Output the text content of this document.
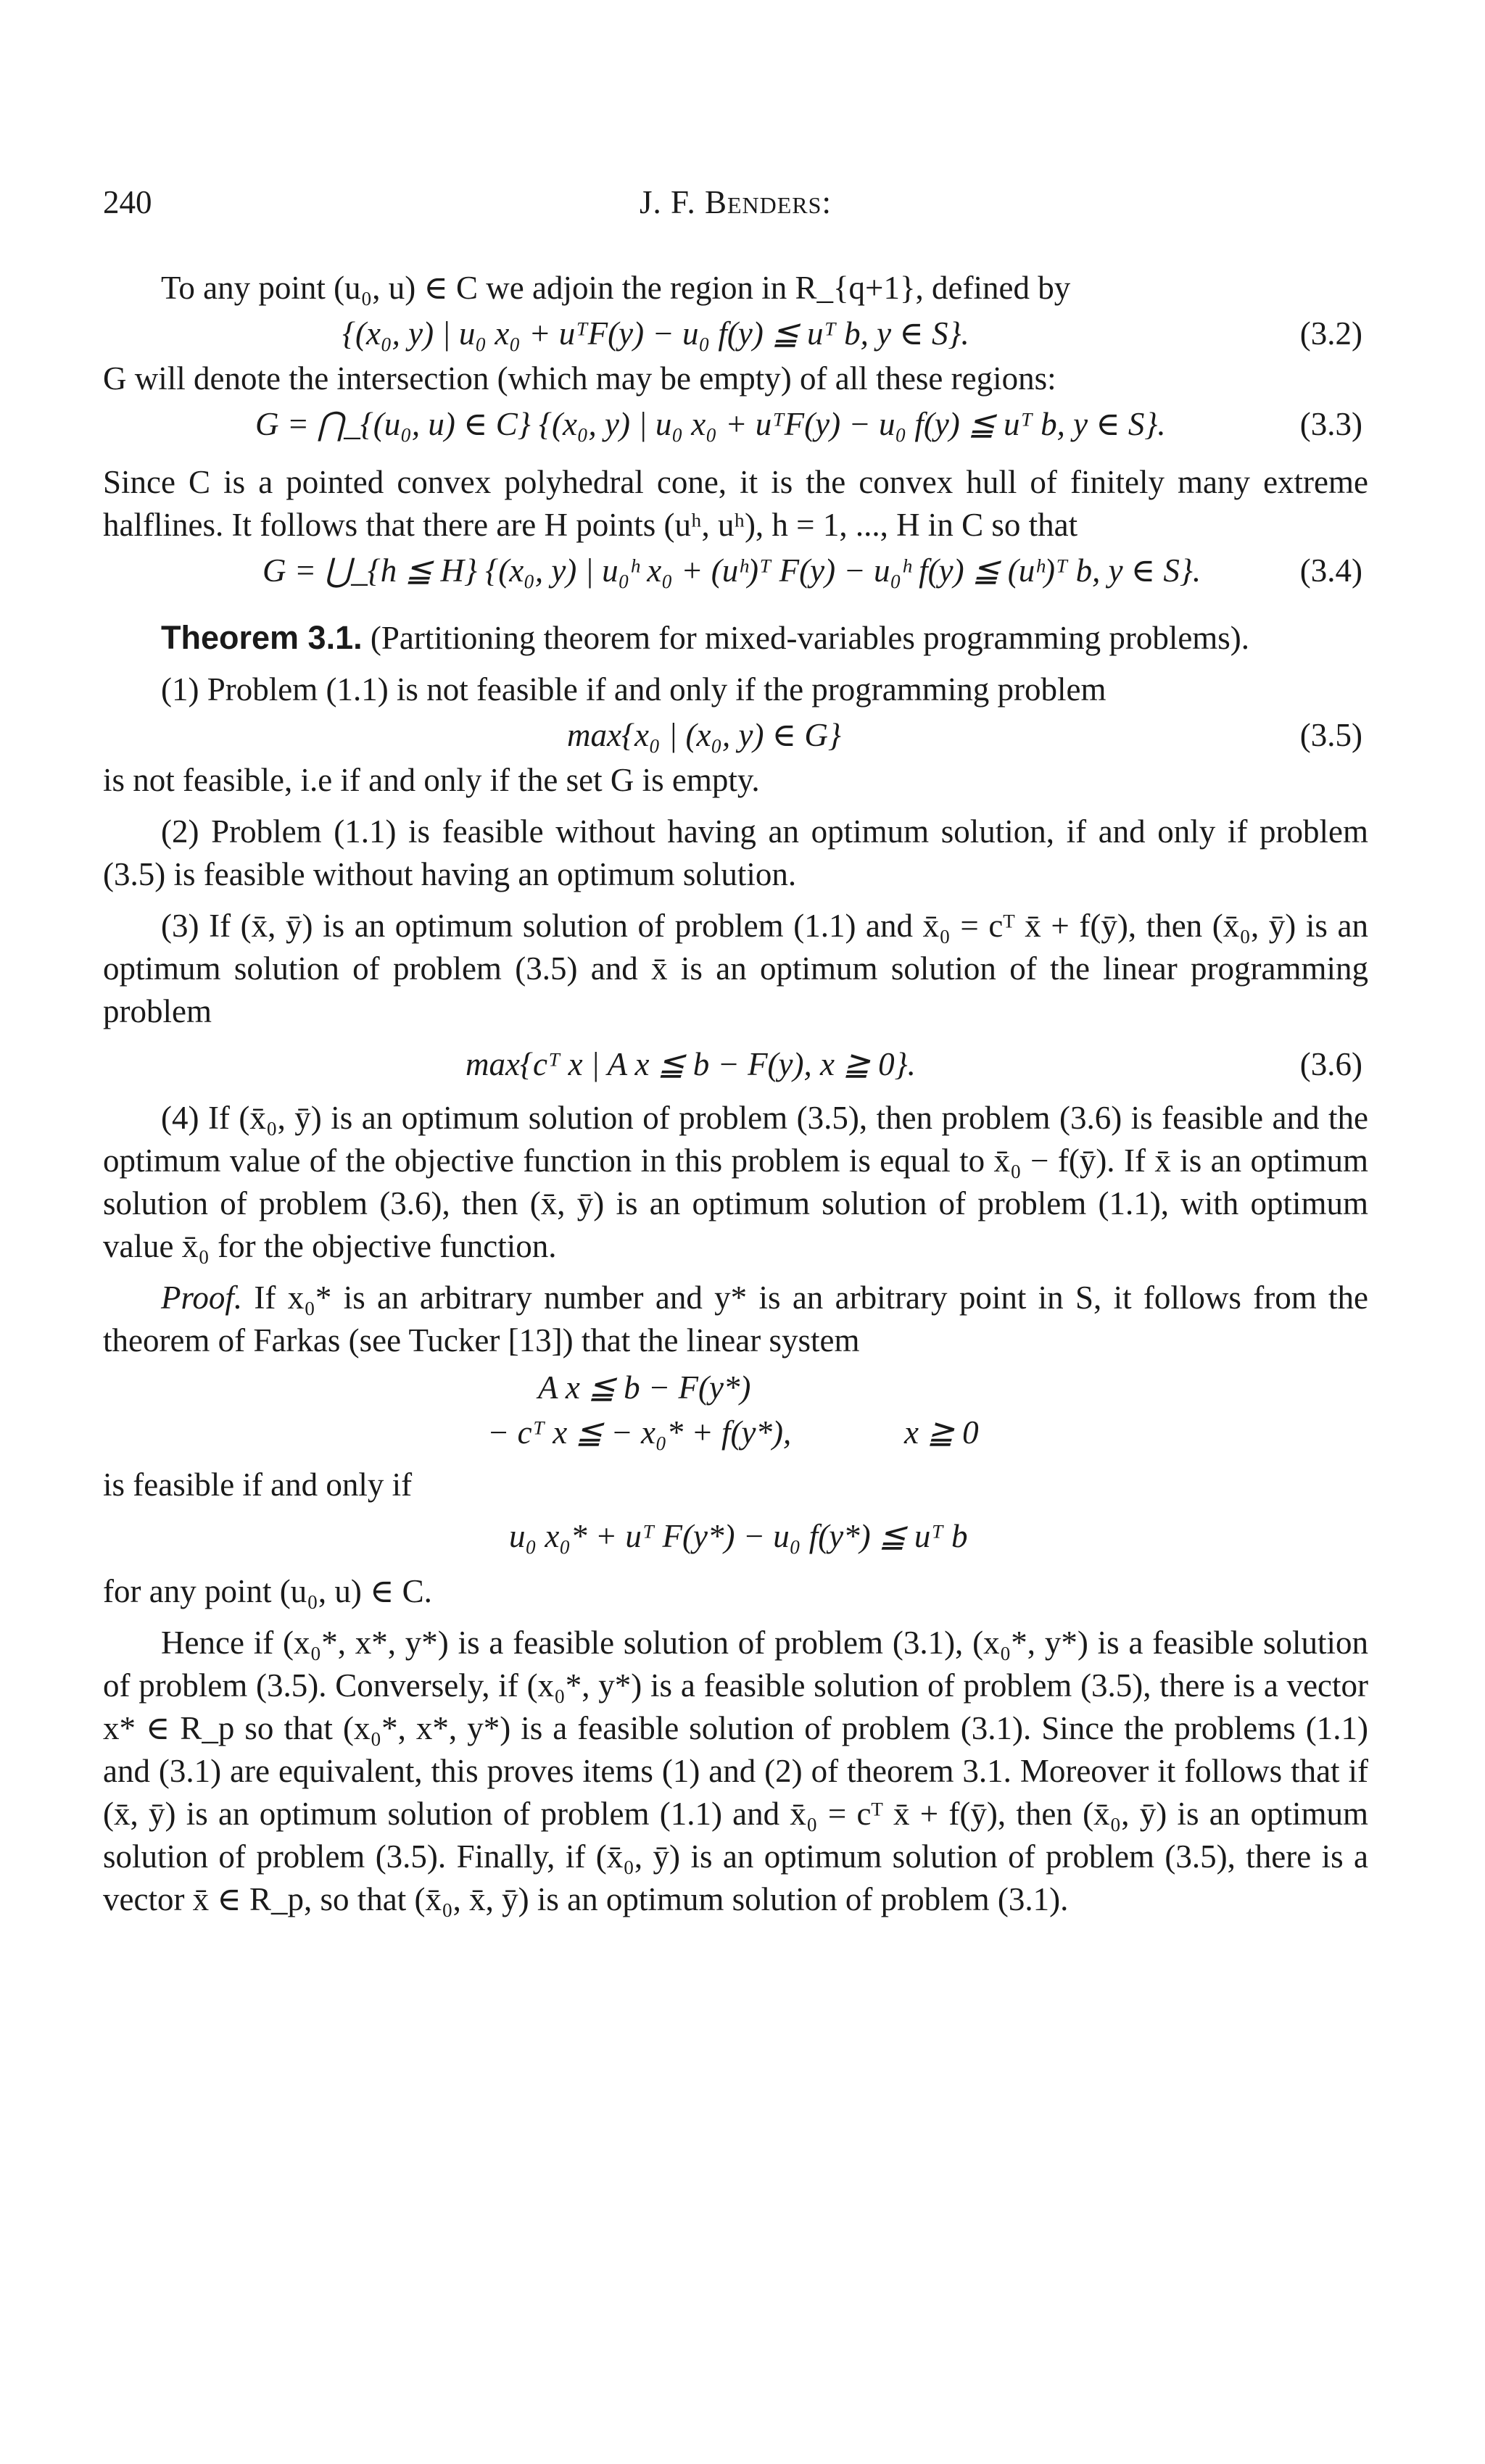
240	J. F. Benders:

To any point (u₀, u) ∈ C we adjoin the region in R_{q+1}, defined by

{(x₀, y) | u₀ x₀ + uᵀF(y) − u₀ f(y) ≦ uᵀ b, y ∈ S}.	(3.2)

G will denote the intersection (which may be empty) of all these regions:

G = ⋂_{(u₀, u) ∈ C} {(x₀, y) | u₀ x₀ + uᵀF(y) − u₀ f(y) ≦ uᵀ b, y ∈ S}.	(3.3)

Since C is a pointed convex polyhedral cone, it is the convex hull of finitely many extreme halflines. It follows that there are H points (uʰ, uʰ), h = 1, ..., H in C so that

G = ⋃_{h ≦ H} {(x₀, y) | u₀ʰ x₀ + (uʰ)ᵀ F(y) − u₀ʰ f(y) ≦ (uʰ)ᵀ b, y ∈ S}.	(3.4)

Theorem 3.1. (Partitioning theorem for mixed-variables programming problems).

(1) Problem (1.1) is not feasible if and only if the programming problem

max{x₀ | (x₀, y) ∈ G}	(3.5)

is not feasible, i.e if and only if the set G is empty.

(2) Problem (1.1) is feasible without having an optimum solution, if and only if problem (3.5) is feasible without having an optimum solution.

(3) If (x̄, ȳ) is an optimum solution of problem (1.1) and x̄₀ = cᵀ x̄ + f(ȳ), then (x̄₀, ȳ) is an optimum solution of problem (3.5) and x̄ is an optimum solution of the linear programming problem

max{cᵀ x | A x ≦ b − F(y), x ≧ 0}.	(3.6)

(4) If (x̄₀, ȳ) is an optimum solution of problem (3.5), then problem (3.6) is feasible and the optimum value of the objective function in this problem is equal to x̄₀ − f(ȳ). If x̄ is an optimum solution of problem (3.6), then (x̄, ȳ) is an optimum solution of problem (1.1), with optimum value x̄₀ for the objective function.

Proof. If x₀* is an arbitrary number and y* is an arbitrary point in S, it follows from the theorem of Farkas (see Tucker [13]) that the linear system

A x ≦ b − F(y*)
− cᵀ x ≦ − x₀* + f(y*),	x ≧ 0

is feasible if and only if

u₀ x₀* + uᵀ F(y*) − u₀ f(y*) ≦ uᵀ b

for any point (u₀, u) ∈ C.

Hence if (x₀*, x*, y*) is a feasible solution of problem (3.1), (x₀*, y*) is a feasible solution of problem (3.5). Conversely, if (x₀*, y*) is a feasible solution of problem (3.5), there is a vector x* ∈ R_p so that (x₀*, x*, y*) is a feasible solution of problem (3.1). Since the problems (1.1) and (3.1) are equivalent, this proves items (1) and (2) of theorem 3.1. Moreover it follows that if (x̄, ȳ) is an optimum solution of problem (1.1) and x̄₀ = cᵀ x̄ + f(ȳ), then (x̄₀, ȳ) is an optimum solution of problem (3.5). Finally, if (x̄₀, ȳ) is an optimum solution of problem (3.5), there is a vector x̄ ∈ R_p, so that (x̄₀, x̄, ȳ) is an optimum solution of problem (3.1).
